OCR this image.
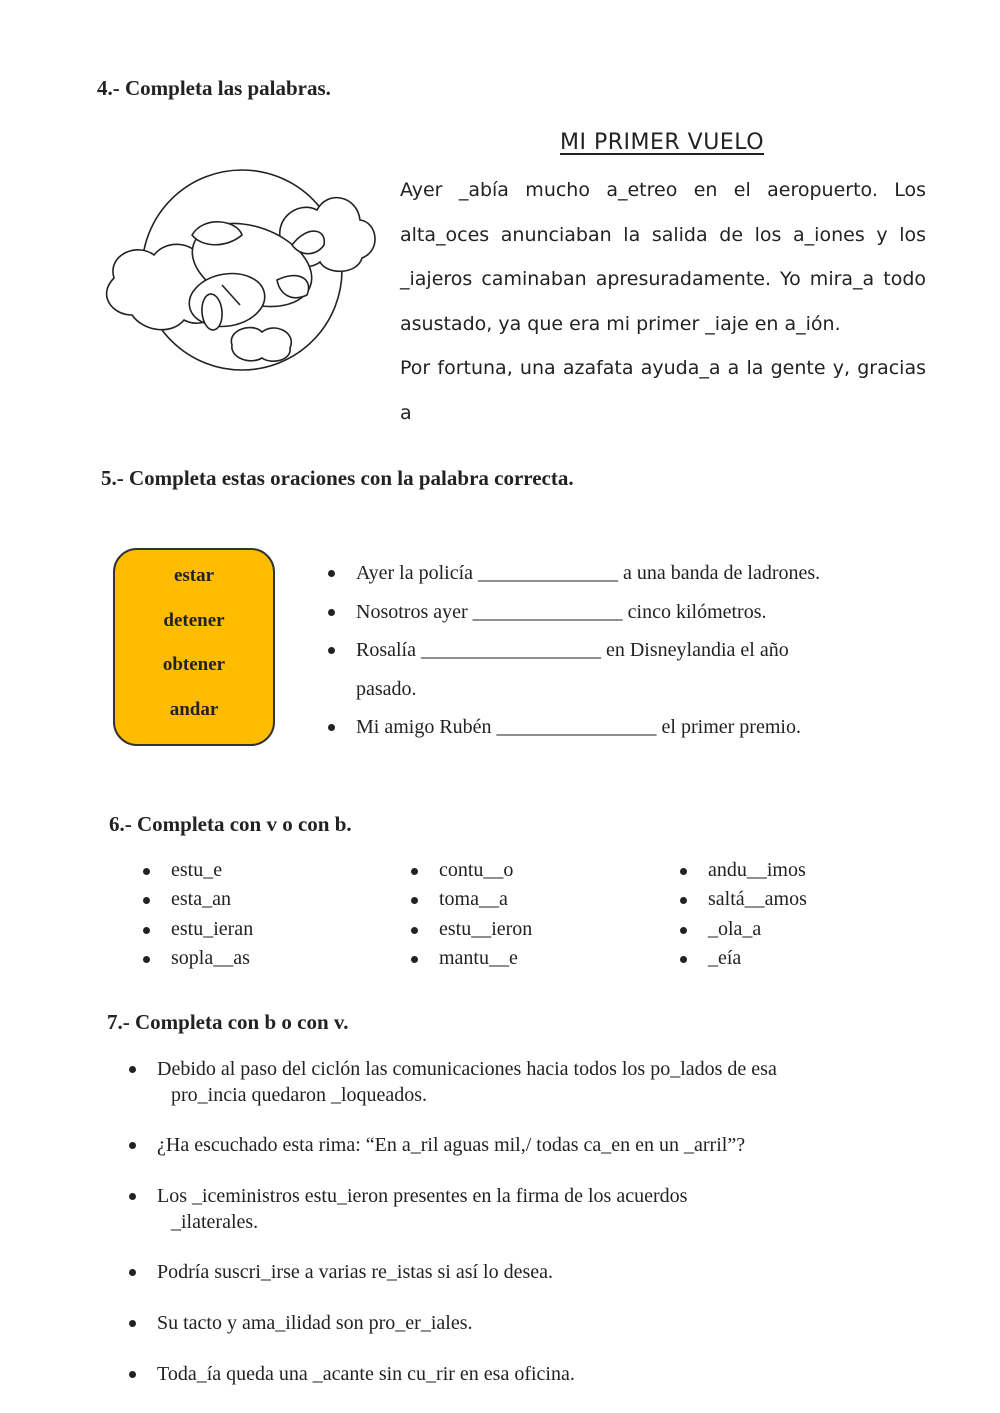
4.- Completa las palabras.
MI PRIMER VUELO

Ayer _abía mucho a_etreo en el aeropuerto. Los alta_oces anunciaban la salida de los a_iones y los _iajeros caminaban apresuradamente. Yo mira_a todo asustado, ya que era mi primer _iaje en a_ión.

Por fortuna, una azafata ayuda_a a la gente y, gracias a

5.- Completa estas oraciones con la palabra correcta.
estar
detener
obtener
andar
Ayer la policía ______________ a una banda de ladrones.
Nosotros ayer _______________ cinco kilómetros.
Rosalía __________________ en Disneylandia el año pasado.
Mi amigo Rubén ________________ el primer premio.
6.- Completa con v o con b.
estu_e
esta_an
estu_ieran
sopla__as
contu__o
toma__a
estu__ieron
mantu__e
andu__imos
saltá__amos
_ola_a
_eía
7.- Completa con b o con v.
Debido al paso del ciclón las comunicaciones hacia todos los po_lados de esa
pro_incia quedaron _loqueados.
¿Ha escuchado esta rima: “En a_ril aguas mil,/ todas ca_en en un _arril”?
Los _iceministros estu_ieron presentes en la firma de los acuerdos
_ilaterales.
Podría suscri_irse a varias re_istas si así lo desea.
Su tacto y ama_ilidad son pro_er_iales.
Toda_ía queda una _acante sin cu_rir en esa oficina.
